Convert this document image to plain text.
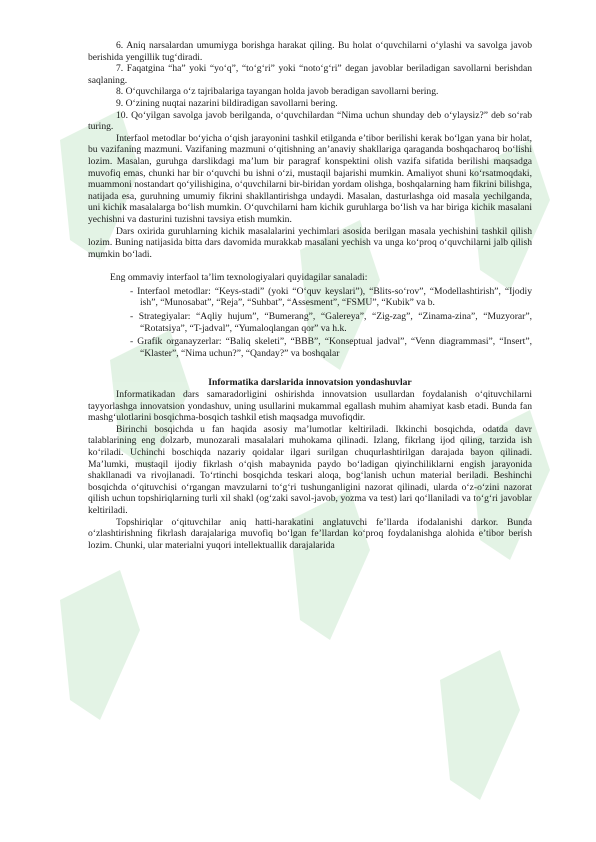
6. Aniq narsalardan umumiyga borishga harakat qiling. Bu holat o‘quvchilarni o‘ylashi va savolga javob berishida yengillik tug‘diradi.

7. Faqatgina “ha” yoki “yo‘q”, “to‘g‘ri” yoki “noto‘g‘ri” degan javoblar beriladigan savollarni berishdan saqlaning.

8. O‘quvchilarga o‘z tajribalariga tayangan holda javob beradigan savollarni bering.

9. O‘zining nuqtai nazarini bildiradigan savollarni bering.

10. Qo‘yilgan savolga javob berilganda, o‘quvchilardan “Nima uchun shunday deb o‘ylaysiz?” deb so‘rab turing.

Interfaol metodlar bo‘yicha o‘qish jarayonini tashkil etilganda e’tibor berilishi kerak bo‘lgan yana bir holat, bu vazifaning mazmuni. Vazifaning mazmuni o‘qitishning an’anaviy shakllariga qaraganda boshqacharoq bo‘lishi lozim. Masalan, guruhga darslikdagi ma’lum bir paragraf konspektini olish vazifa sifatida berilishi maqsadga muvofiq emas, chunki har bir o‘quvchi bu ishni o‘zi, mustaqil bajarishi mumkin. Amaliyot shuni ko‘rsatmoqdaki, muammoni nostandart qo‘yilishigina, o‘quvchilarni bir-biridan yordam olishga, boshqalarning ham fikrini bilishga, natijada esa, guruhning umumiy fikrini shakllantirishga undaydi. Masalan, dasturlashga oid masala yechilganda, uni kichik masalalarga bo‘lish mumkin. O‘quvchilarni ham kichik guruhlarga bo‘lish va har biriga kichik masalani yechishni va dasturini tuzishni tavsiya etish mumkin.

Dars oxirida guruhlarning kichik masalalarini yechimlari asosida berilgan masala yechishini tashkil qilish lozim. Buning natijasida bitta dars davomida murakkab masalani yechish va unga ko‘proq o‘quvchilarni jalb qilish mumkin bo‘ladi.

Eng ommaviy interfaol ta’lim texnologiyalari quyidagilar sanaladi:

- Interfaol metodlar: “Keys-stadi” (yoki “O‘quv keyslari”), “Blits-so‘rov”, “Modellashtirish”, “Ijodiy ish”, “Munosabat”, “Reja”, “Suhbat”, “Assesment”, “FSMU”, “Kubik” va b.

- Strategiyalar: “Aqliy hujum”, “Bumerang”, “Galereya”, “Zig-zag”, “Zinama-zina”, “Muzyorar”, “Rotatsiya”, “T-jadval”, “Yumaloqlangan qor” va h.k.

- Grafik organayzerlar: “Baliq skeleti”, “BBB”, “Konseptual jadval”, “Venn diagrammasi”, “Insert”, “Klaster”, “Nima uchun?”, “Qanday?” va boshqalar

Informatika darslarida innovatsion yondashuvlar

Informatikadan dars samaradorligini oshirishda innovatsion usullardan foydalanish o‘qituvchilarni tayyorlashga innovatsion yondashuv, uning usullarini mukammal egallash muhim ahamiyat kasb etadi. Bunda fan mashg‘ulotlarini bosqichma-bosqich tashkil etish maqsadga muvofiqdir.

Birinchi bosqichda u fan haqida asosiy ma’lumotlar keltiriladi. Ikkinchi bosqichda, odatda davr talablarining eng dolzarb, munozarali masalalari muhokama qilinadi. Izlang, fikrlang ijod qiling, tarzida ish ko‘riladi. Uchinchi boschiqda nazariy qoidalar ilgari surilgan chuqurlashtirilgan darajada bayon qilinadi. Ma’lumki, mustaqil ijodiy fikrlash o‘qish mabaynida paydo bo‘ladigan qiyinchiliklarni engish jarayonida shakllanadi va rivojlanadi. To‘rtinchi bosqichda teskari aloqa, bog‘lanish uchun material beriladi. Beshinchi bosqichda o‘qituvchisi o‘rgangan mavzularni to‘g‘ri tushunganligini nazorat qilinadi, ularda o‘z-o‘zini nazorat qilish uchun topshiriqlarning turli xil shakl (og‘zaki savol-javob, yozma va test) lari qo‘llaniladi va to‘g‘ri javoblar keltiriladi.

Topshiriqlar o‘qituvchilar aniq hatti-harakatini anglatuvchi fe’llarda ifodalanishi darkor. Bunda o‘zlashtirishning fikrlash darajalariga muvofiq bo‘lgan fe’llardan ko‘proq foydalanishga alohida e’tibor berish lozim. Chunki, ular materialni yuqori intellektuallik darajalarida
